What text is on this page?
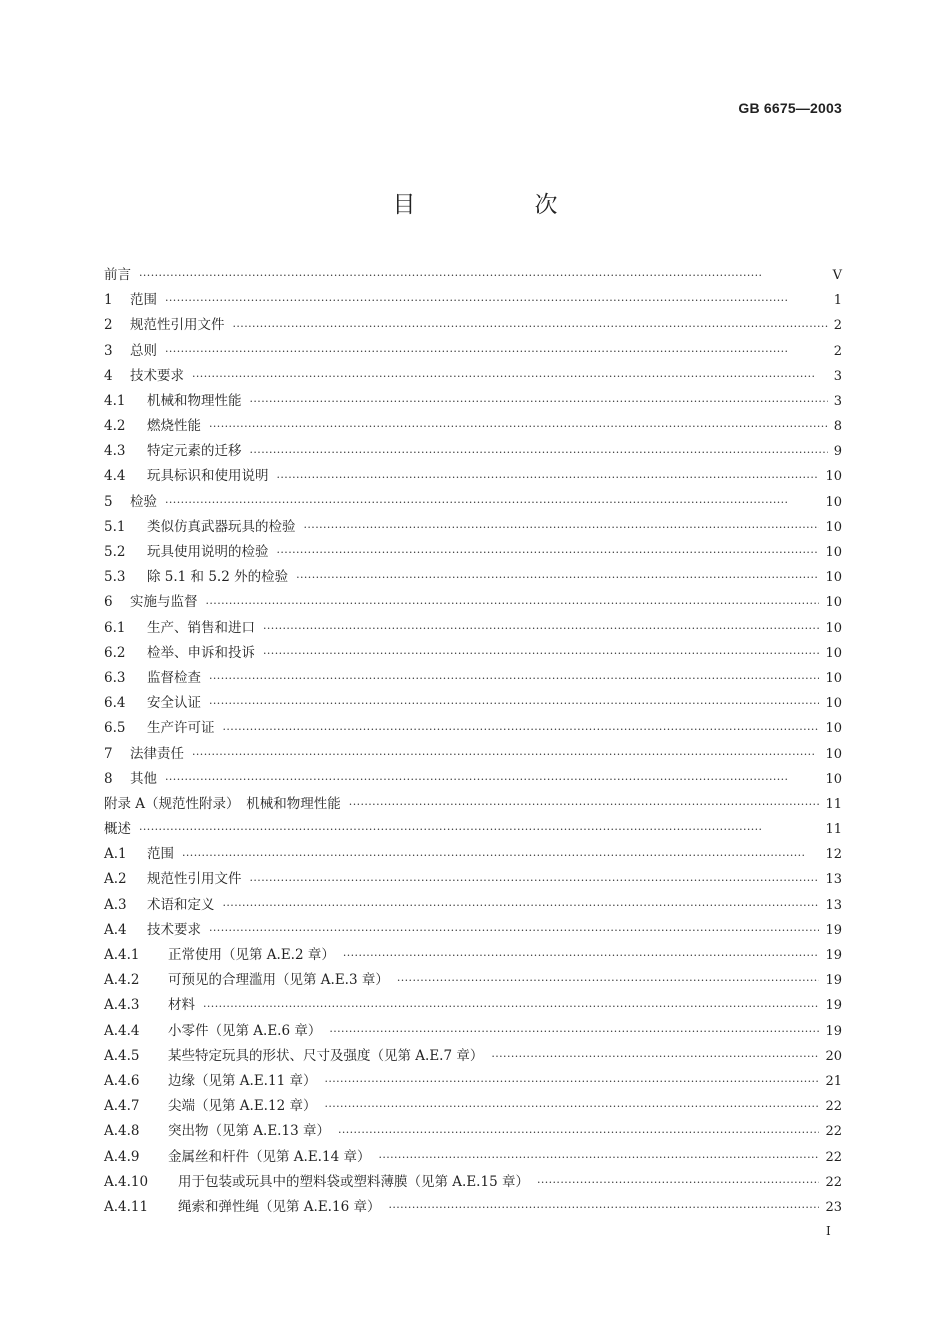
GB 6675—2003
目　次
前言 ·····	Ⅴ
1	范围 ·····	1
2	规范性引用文件 ·····	2
3	总则 ·····	2
4	技术要求 ·····	3
4.1	机械和物理性能 ·····	3
4.2	燃烧性能 ·····	8
4.3	特定元素的迁移 ·····	9
4.4	玩具标识和使用说明 ·····	10
5	检验 ·····	10
5.1	类似仿真武器玩具的检验 ·····	10
5.2	玩具使用说明的检验 ·····	10
5.3	除 5.1 和 5.2 外的检验 ·····	10
6	实施与监督 ·····	10
6.1	生产、销售和进口 ·····	10
6.2	检举、申诉和投诉 ·····	10
6.3	监督检查 ·····	10
6.4	安全认证 ·····	10
6.5	生产许可证 ·····	10
7	法律责任 ·····	10
8	其他 ·····	10
附录 A（规范性附录）　机械和物理性能 ·····	11
概述 ·····	11
A.1	范围 ·····	12
A.2	规范性引用文件 ·····	13
A.3	术语和定义 ·····	13
A.4	技术要求 ·····	19
A.4.1	正常使用（见第 A.E.2 章） ·····	19
A.4.2	可预见的合理滥用（见第 A.E.3 章） ·····	19
A.4.3	材料 ·····	19
A.4.4	小零件（见第 A.E.6 章） ·····	19
A.4.5	某些特定玩具的形状、尺寸及强度（见第 A.E.7 章） ·····	20
A.4.6	边缘（见第 A.E.11 章） ·····	21
A.4.7	尖端（见第 A.E.12 章） ·····	22
A.4.8	突出物（见第 A.E.13 章） ·····	22
A.4.9	金属丝和杆件（见第 A.E.14 章） ·····	22
A.4.10	用于包装或玩具中的塑料袋或塑料薄膜（见第 A.E.15 章） ·····	22
A.4.11	绳索和弹性绳（见第 A.E.16 章） ·····	23
Ⅰ
